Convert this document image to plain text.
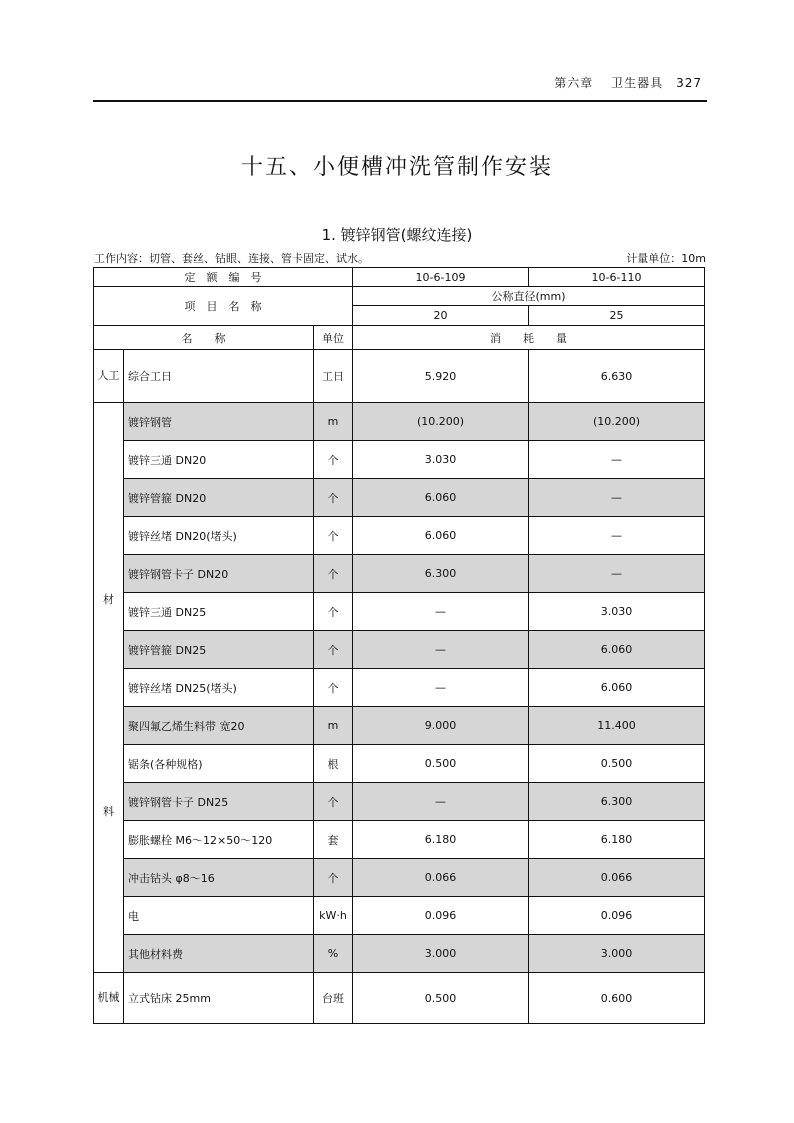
第六章　 卫生器具　327
十五、小便槽冲洗管制作安装
1. 镀锌钢管(螺纹连接)
工作内容：切管、套丝、钻眼、连接、管卡固定、试水。	计量单位：10m
定　额　编　号			10-6-109	10-6-110
项　目　名　称			公称直径(mm)	
			20	25
名　　称		单位	消　　耗　　量	
人工	综合工日	工日	5.920	6.630

材
料	镀锌钢管	m	(10.200)	(10.200)
	镀锌三通 DN20	个	3.030	—
	镀锌管箍 DN20	个	6.060	—
	镀锌丝堵 DN20(堵头)	个	6.060	—
	镀锌钢管卡子 DN20	个	6.300	—
	镀锌三通 DN25	个	—	3.030
	镀锌管箍 DN25	个	—	6.060
	镀锌丝堵 DN25(堵头)	个	—	6.060
	聚四氟乙烯生料带 宽20	m	9.000	11.400
	锯条(各种规格)	根	0.500	0.500
	镀锌钢管卡子 DN25	个	—	6.300
	膨胀螺栓 M6～12×50～120	套	6.180	6.180
	冲击钻头 φ8～16	个	0.066	0.066
	电	kW·h	0.096	0.096
	其他材料费	%	3.000	3.000
机械	立式钻床 25mm	台班	0.500	0.600
